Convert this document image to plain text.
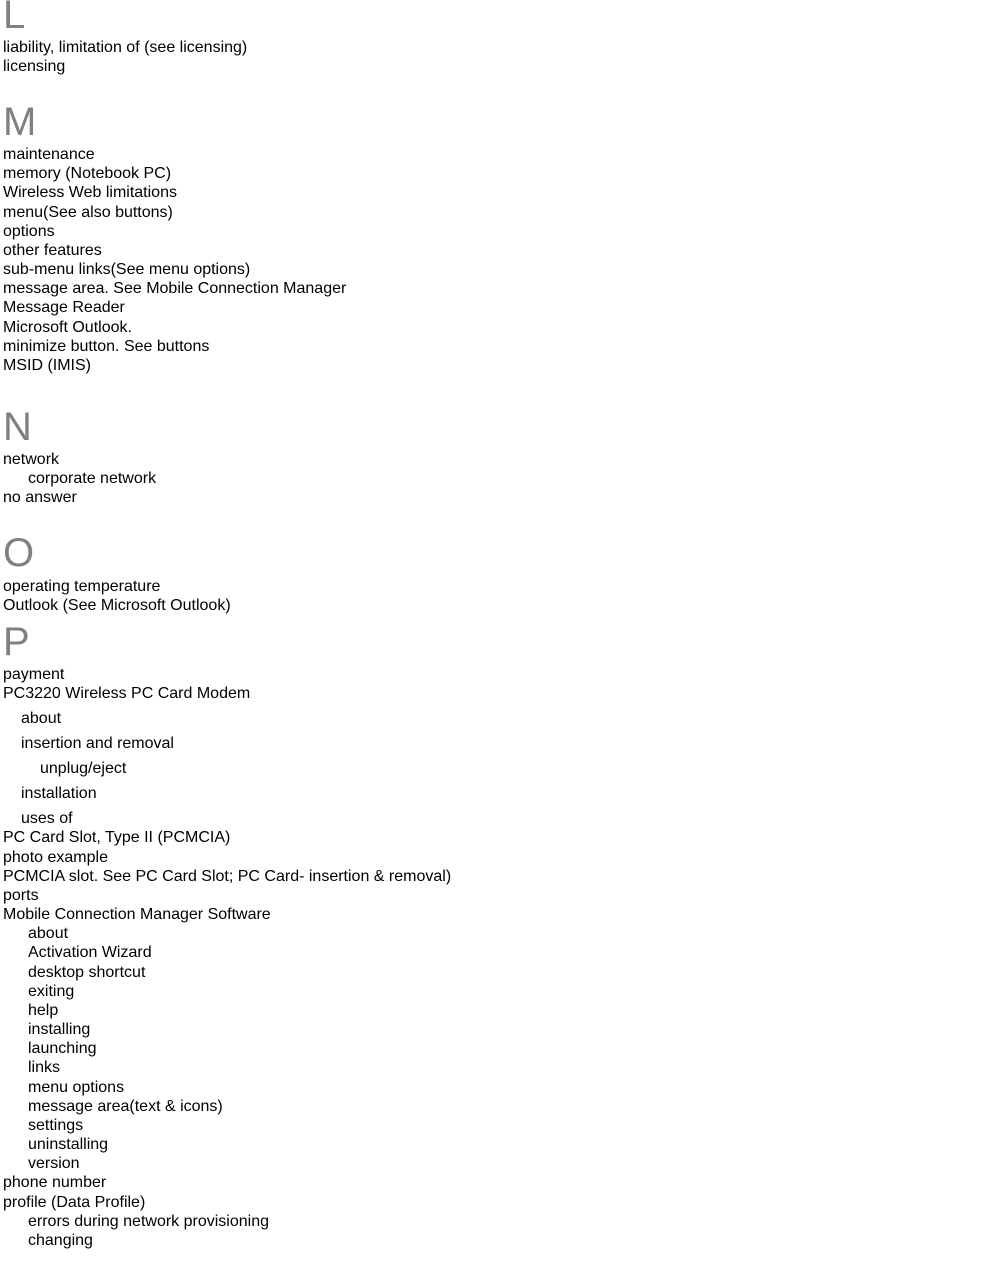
L
liability, limitation of (see licensing)
licensing
M
maintenance
memory (Notebook PC)
Wireless Web limitations
menu(See also buttons)
options
other features
sub-menu links(See menu options)
message area. See Mobile Connection Manager
Message Reader
Microsoft Outlook.
minimize button. See buttons
MSID (IMIS)
N
network
corporate network
no answer
O
operating temperature
Outlook (See Microsoft Outlook)
P
payment
PC3220 Wireless PC Card Modem
about
insertion and removal
unplug/eject
installation
uses of
PC Card Slot, Type II (PCMCIA)
photo example
PCMCIA slot. See PC Card Slot; PC Card- insertion & removal)
ports
Mobile Connection Manager Software
about
Activation Wizard
desktop shortcut
exiting
help
installing
launching
links
menu options
message area(text & icons)
settings
uninstalling
version
phone number
profile (Data Profile)
errors during network provisioning
changing
